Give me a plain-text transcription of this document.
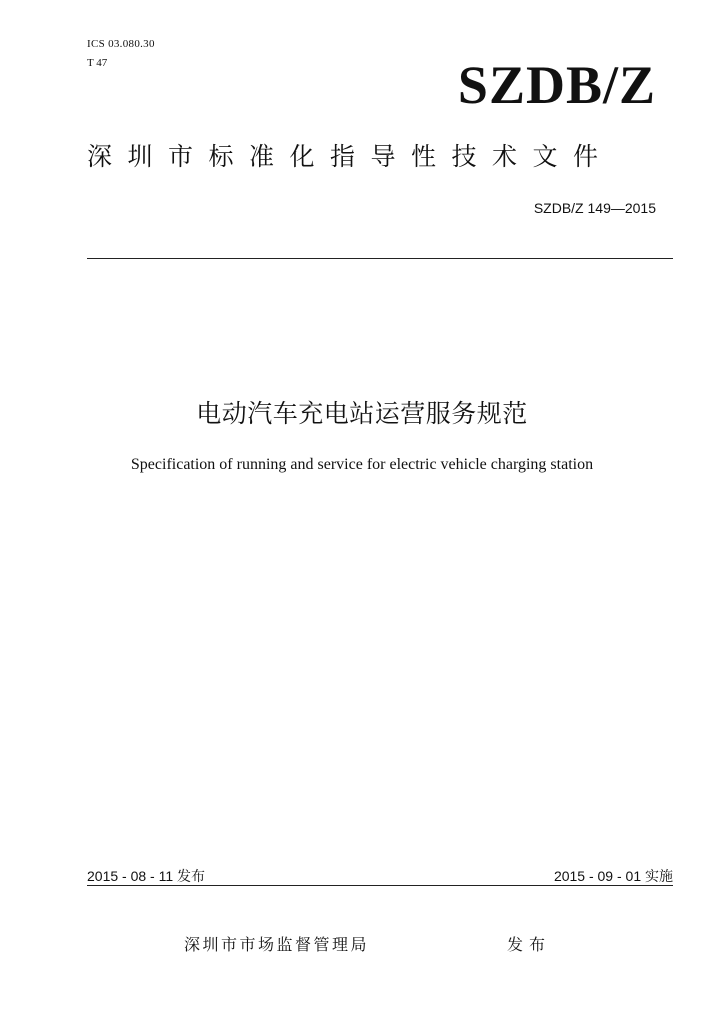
ICS 03.080.30
T 47	SZDB/Z
深圳市标准化指导性技术文件
SZDB/Z 149—2015
电动汽车充电站运营服务规范
Specification of running and service for electric vehicle charging station
2015 - 08 - 11 发布	2015 - 09 - 01 实施
深圳市市场监督管理局	发布
